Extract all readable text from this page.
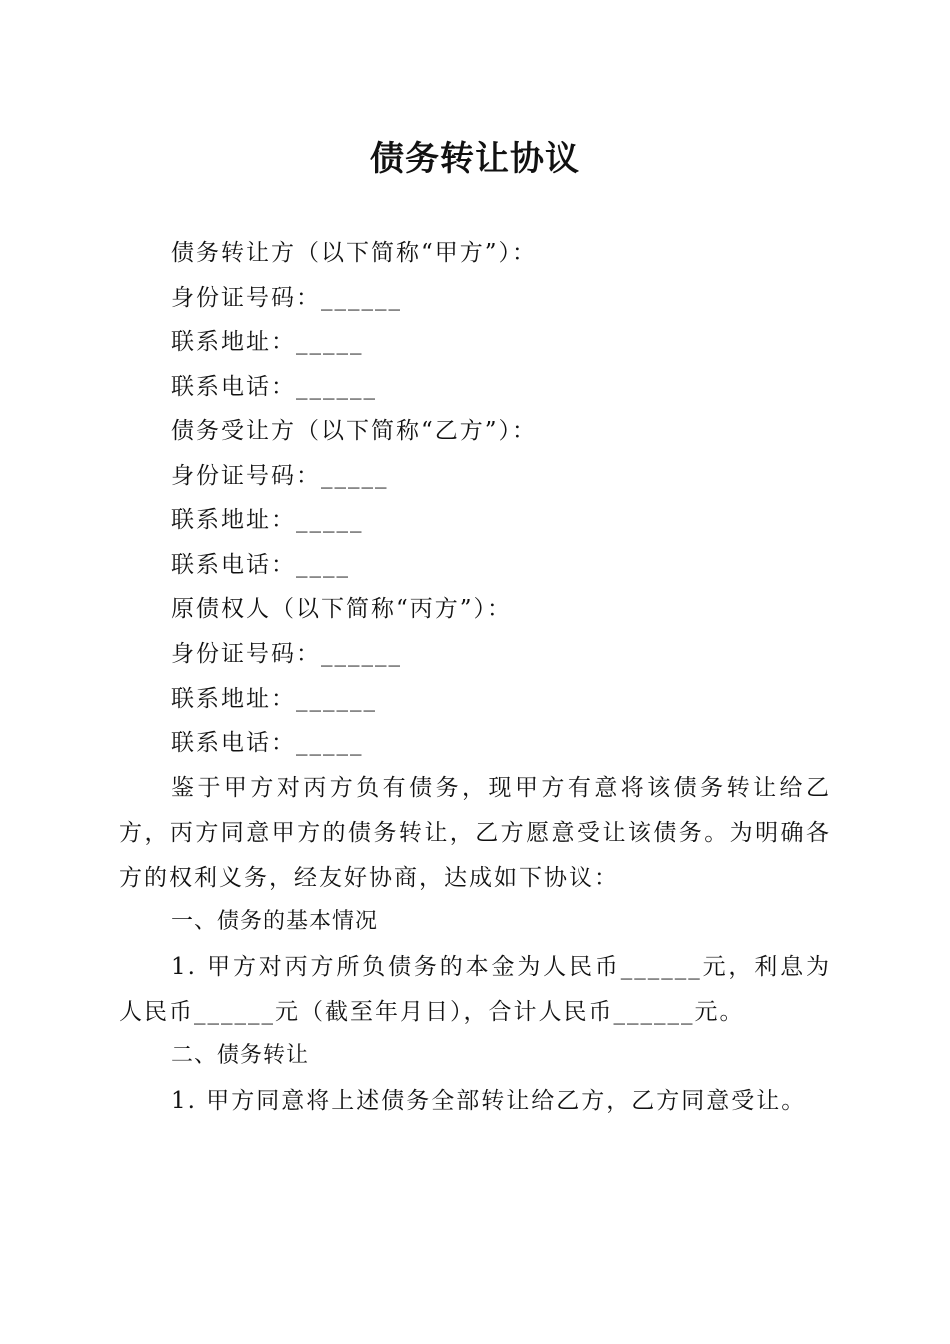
债务转让协议
债务转让方（以下简称“甲方”）：
身份证号码：______
联系地址：_____
联系电话：______
债务受让方（以下简称“乙方”）：
身份证号码：_____
联系地址：_____
联系电话：____
原债权人（以下简称“丙方”）：
身份证号码：______
联系地址：______
联系电话：_____
鉴于甲方对丙方负有债务，现甲方有意将该债务转让给乙方，丙方同意甲方的债务转让，乙方愿意受让该债务。为明确各方的权利义务，经友好协商，达成如下协议：
一、债务的基本情况
1. 甲方对丙方所负债务的本金为人民币______元，利息为人民币______元（截至年月日），合计人民币______元。
二、债务转让
1. 甲方同意将上述债务全部转让给乙方，乙方同意受让。
